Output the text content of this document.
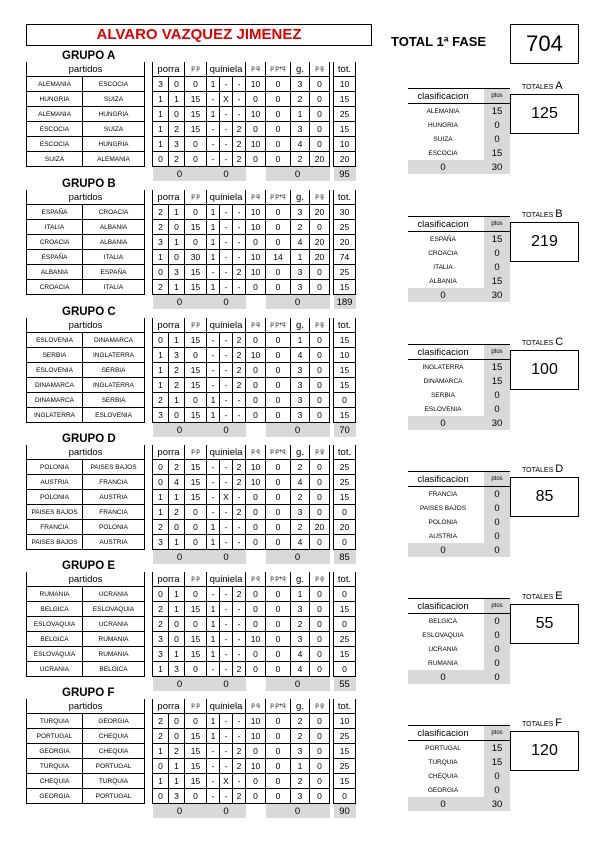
ALVARO VAZQUEZ JIMENEZ	TOTAL 1ª FASE	704
GRUPO A
partidos			porra		p p	quiniela			p q	p p+q	g.	p g		tot.
ALEMANIA	ESCOCIA		3	0	0	1	-	-	10	0	3	0		10
HUNGRIA	SUIZA		1	1	15	-	X	-	0	0	2	0		15
ALEMANIA	HUNGRIA		1	0	15	1	-	-	10	0	1	0		25
ESCOCIA	SUIZA		1	2	15	-	-	2	0	0	3	0		15
ESCOCIA	HUNGRIA		1	3	0	-	-	2	10	0	4	0		10
SUIZA	ALEMANIA		0	2	0	-	-	2	0	0	2	20		20
			0			0				0				95
clasificacion		ptos
ALEMANIA		15
HUNGRIA		0
SUIZA		0
ESCOCIA		15
0		30
TOTALES A
125
GRUPO B
partidos			porra		p p	quiniela			p q	p p+q	g.	p g		tot.
ESPAÑA	CROACIA		2	1	0	1	-	-	10	0	3	20		30
ITALIA	ALBANIA		2	0	15	1	-	-	10	0	2	0		25
CROACIA	ALBANIA		3	1	0	1	-	-	0	0	4	20		20
ESPAÑA	ITALIA		1	0	30	1	-	-	10	14	1	20		74
ALBANIA	ESPAÑA		0	3	15	-	-	2	10	0	3	0		25
CROACIA	ITALIA		2	1	15	1	-	-	0	0	3	0		15
			0			0				0				189
clasificacion		ptos
ESPAÑA		15
CROACIA		0
ITALIA		0
ALBANIA		15
0		30
TOTALES B
219
GRUPO C
partidos			porra		p p	quiniela			p q	p p+q	g.	p g		tot.
ESLOVENIA	DINAMARCA		0	1	15	-	-	2	0	0	1	0		15
SERBIA	INGLATERRA		1	3	0	-	-	2	10	0	4	0		10
ESLOVENIA	SERBIA		1	2	15	-	-	2	0	0	3	0		15
DINAMARCA	INGLATERRA		1	2	15	-	-	2	0	0	3	0		15
DINAMARCA	SERBIA		2	1	0	1	-	-	0	0	3	0		0
INGLATERRA	ESLOVENIA		3	0	15	1	-	-	0	0	3	0		15
			0			0				0				70
clasificacion		ptos
INGLATERRA		15
DINAMARCA		15
SERBIA		0
ESLOVENIA		0
0		30
TOTALES C
100
GRUPO D
partidos			porra		p p	quiniela			p q	p p+q	g.	p g		tot.
POLONIA	PAISES BAJOS		0	2	15	-	-	2	10	0	2	0		25
AUSTRIA	FRANCIA		0	4	15	-	-	2	10	0	4	0		25
POLONIA	AUSTRIA		1	1	15	-	X	-	0	0	2	0		15
PAISES BAJOS	FRANCIA		1	2	0	-	-	2	0	0	3	0		0
FRANCIA	POLONIA		2	0	0	1	-	-	0	0	2	20		20
PAISES BAJOS	AUSTRIA		3	1	0	1	-	-	0	0	4	0		0
			0			0				0				85
clasificacion		ptos
FRANCIA		0
PAISES BAJOS		0
POLONIA		0
AUSTRIA		0
0		0
TOTALES D
85
GRUPO E
partidos			porra		p p	quiniela			p q	p p+q	g.	p g		tot.
RUMANIA	UCRANIA		0	1	0	-	-	2	0	0	1	0		0
BELGICA	ESLOVAQUIA		2	1	15	1	-	-	0	0	3	0		15
ESLOVAQUIA	UCRANIA		2	0	0	1	-	-	0	0	2	0		0
BELGICA	RUMANIA		3	0	15	1	-	-	10	0	3	0		25
ESLOVAQUIA	RUMANIA		3	1	15	1	-	-	0	0	4	0		15
UCRANIA	BELGICA		1	3	0	-	-	2	0	0	4	0		0
			0			0				0				55
clasificacion		ptos
BELGICA		0
ESLOVAQUIA		0
UCRANIA		0
RUMANIA		0
0		0
TOTALES E
55
GRUPO F
partidos			porra		p p	quiniela			p q	p p+q	g.	p g		tot.
TURQUIA	GEORGIA		2	0	0	1	-	-	10	0	2	0		10
PORTUGAL	CHEQUIA		2	0	15	1	-	-	10	0	2	0		25
GEORGIA	CHEQUIA		1	2	15	-	-	2	0	0	3	0		15
TURQUIA	PORTUGAL		0	1	15	-	-	2	10	0	1	0		25
CHEQUIA	TURQUIA		1	1	15	-	X	-	0	0	2	0		15
GEORGIA	PORTUGAL		0	3	0	-	-	2	0	0	3	0		0
			0			0				0				90
clasificacion		ptos
PORTUGAL		15
TURQUIA		15
CHEQUIA		0
GEORGIA		0
0		30
TOTALES F
120
